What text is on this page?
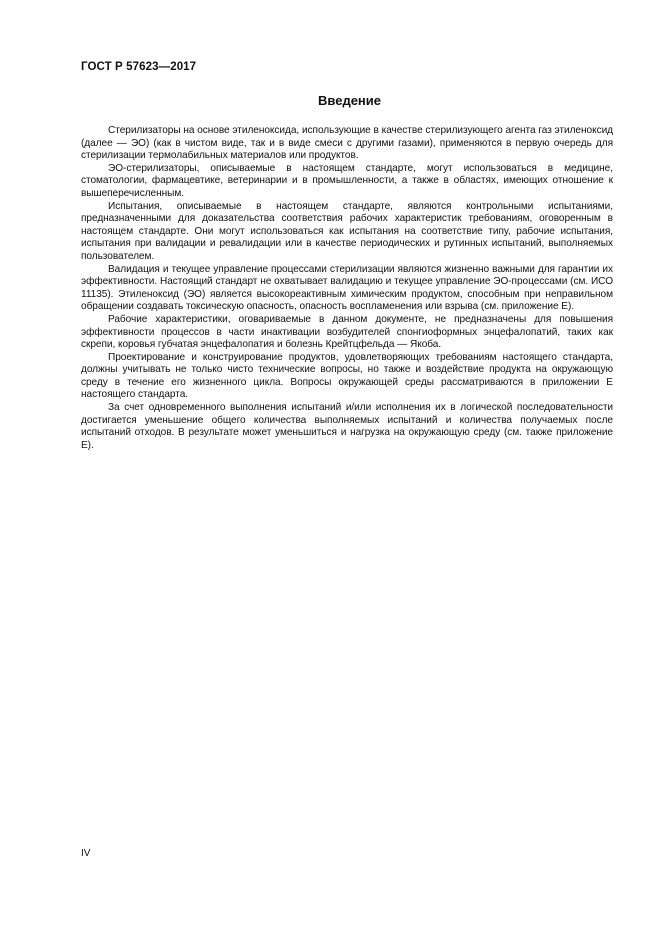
ГОСТ Р 57623—2017
Введение

Стерилизаторы на основе этиленоксида, использующие в качестве стерилизующего агента газ этиленоксид (далее — ЭО) (как в чистом виде, так и в виде смеси с другими газами), применяются в первую очередь для стерилизации термолабильных материалов или продуктов.

ЭО-стерилизаторы, описываемые в настоящем стандарте, могут использоваться в медицине, стоматологии, фармацевтике, ветеринарии и в промышленности, а также в областях, имеющих отношение к вышеперечисленным.

Испытания, описываемые в настоящем стандарте, являются контрольными испытаниями, предназначенными для доказательства соответствия рабочих характеристик требованиям, оговоренным в настоящем стандарте. Они могут использоваться как испытания на соответствие типу, рабочие испытания, испытания при валидации и ревалидации или в качестве периодических и рутинных испытаний, выполняемых пользователем.

Валидация и текущее управление процессами стерилизации являются жизненно важными для гарантии их эффективности. Настоящий стандарт не охватывает валидацию и текущее управление ЭО-процессами (см. ИСО 11135). Этиленоксид (ЭО) является высокореактивным химическим продуктом, способным при неправильном обращении создавать токсическую опасность, опасность воспламенения или взрыва (см. приложение Е).

Рабочие характеристики, оговариваемые в данном документе, не предназначены для повышения эффективности процессов в части инактивации возбудителей спонгиоформных энцефалопатий, таких как скрепи, коровья губчатая энцефалопатия и болезнь Крейтцфельда — Якоба.

Проектирование и конструирование продуктов, удовлетворяющих требованиям настоящего стандарта, должны учитывать не только чисто технические вопросы, но также и воздействие продукта на окружающую среду в течение его жизненного цикла. Вопросы окружающей среды рассматриваются в приложении Е настоящего стандарта.

За счет одновременного выполнения испытаний и/или исполнения их в логической последовательности достигается уменьшение общего количества выполняемых испытаний и количества получаемых после испытаний отходов. В результате может уменьшиться и нагрузка на окружающую среду (см. также приложение Е).

IV
